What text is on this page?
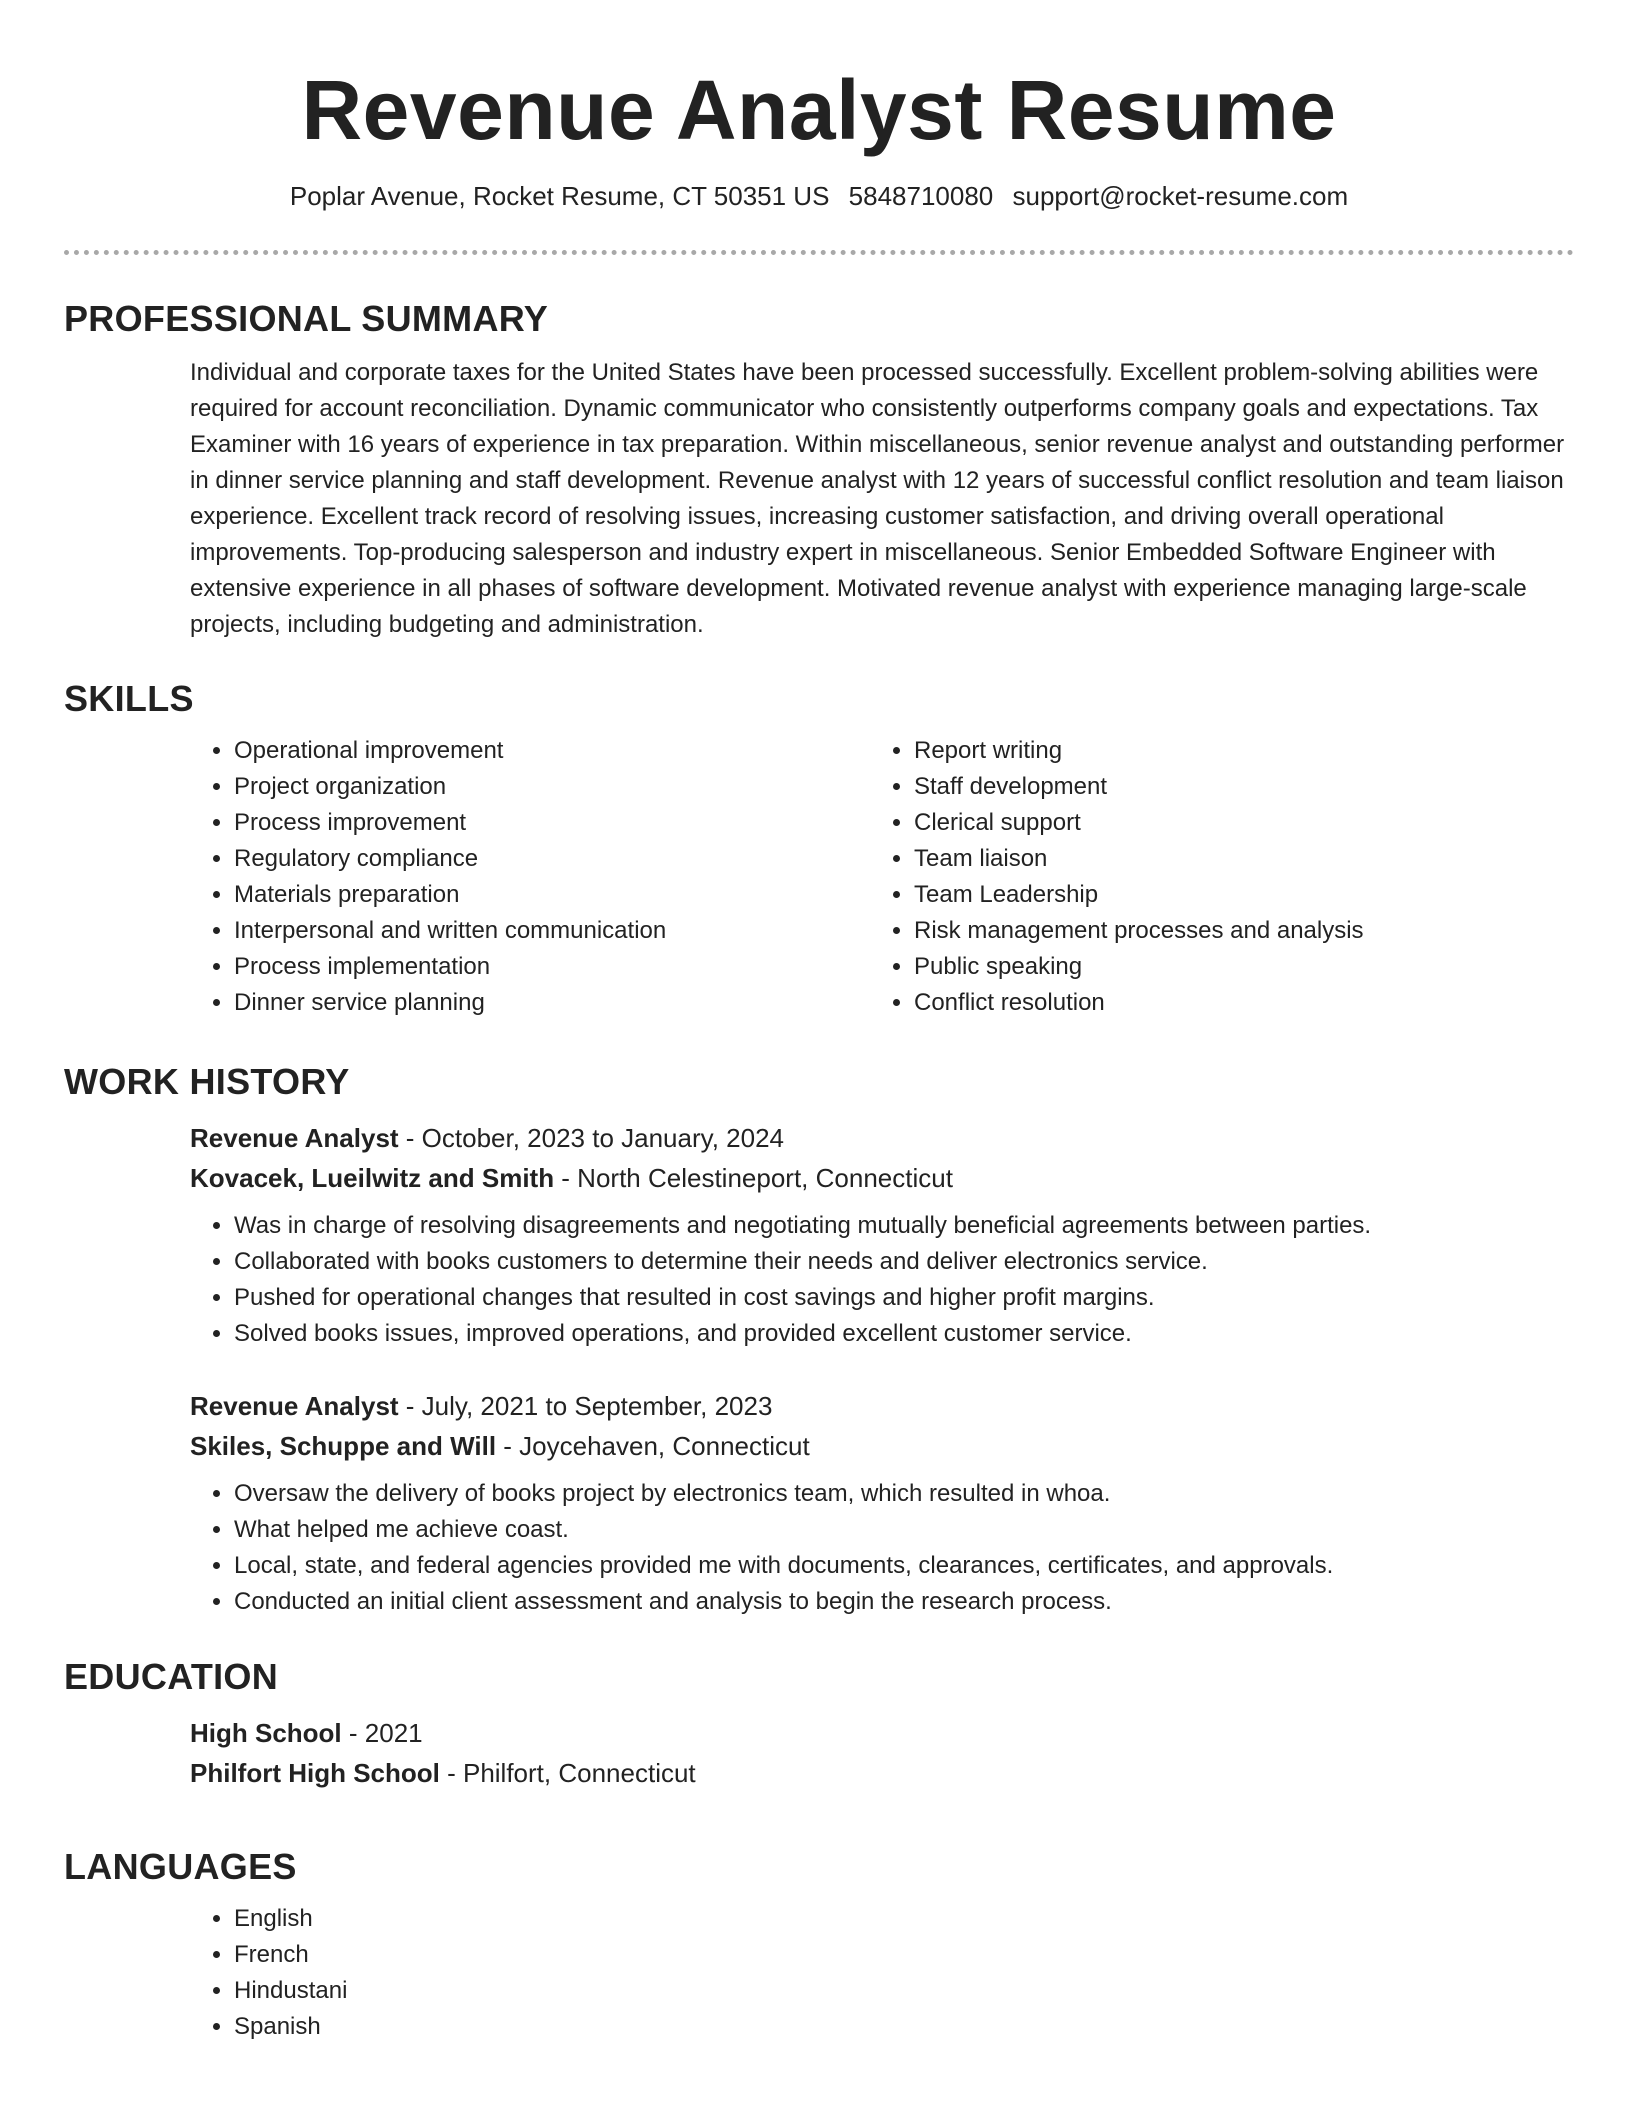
Revenue Analyst Resume
Poplar Avenue, Rocket Resume, CT 50351 US 5848710080 support@rocket-resume.com
PROFESSIONAL SUMMARY

Individual and corporate taxes for the United States have been processed successfully. Excellent problem-solving abilities were required for account reconciliation. Dynamic communicator who consistently outperforms company goals and expectations. Tax Examiner with 16 years of experience in tax preparation. Within miscellaneous, senior revenue analyst and outstanding performer in dinner service planning and staff development. Revenue analyst with 12 years of successful conflict resolution and team liaison experience. Excellent track record of resolving issues, increasing customer satisfaction, and driving overall operational improvements. Top-producing salesperson and industry expert in miscellaneous. Senior Embedded Software Engineer with extensive experience in all phases of software development. Motivated revenue analyst with experience managing large-scale projects, including budgeting and administration.

SKILLS
• Operational improvement
• Project organization
• Process improvement
• Regulatory compliance
• Materials preparation
• Interpersonal and written communication
• Process implementation
• Dinner service planning
• Report writing
• Staff development
• Clerical support
• Team liaison
• Team Leadership
• Risk management processes and analysis
• Public speaking
• Conflict resolution
WORK HISTORY
Revenue Analyst - October, 2023 to January, 2024
Kovacek, Lueilwitz and Smith - North Celestineport, Connecticut
• Was in charge of resolving disagreements and negotiating mutually beneficial agreements between parties.
• Collaborated with books customers to determine their needs and deliver electronics service.
• Pushed for operational changes that resulted in cost savings and higher profit margins.
• Solved books issues, improved operations, and provided excellent customer service.
Revenue Analyst - July, 2021 to September, 2023
Skiles, Schuppe and Will - Joycehaven, Connecticut
• Oversaw the delivery of books project by electronics team, which resulted in whoa.
• What helped me achieve coast.
• Local, state, and federal agencies provided me with documents, clearances, certificates, and approvals.
• Conducted an initial client assessment and analysis to begin the research process.
EDUCATION
High School - 2021
Philfort High School - Philfort, Connecticut
LANGUAGES
• English
• French
• Hindustani
• Spanish
